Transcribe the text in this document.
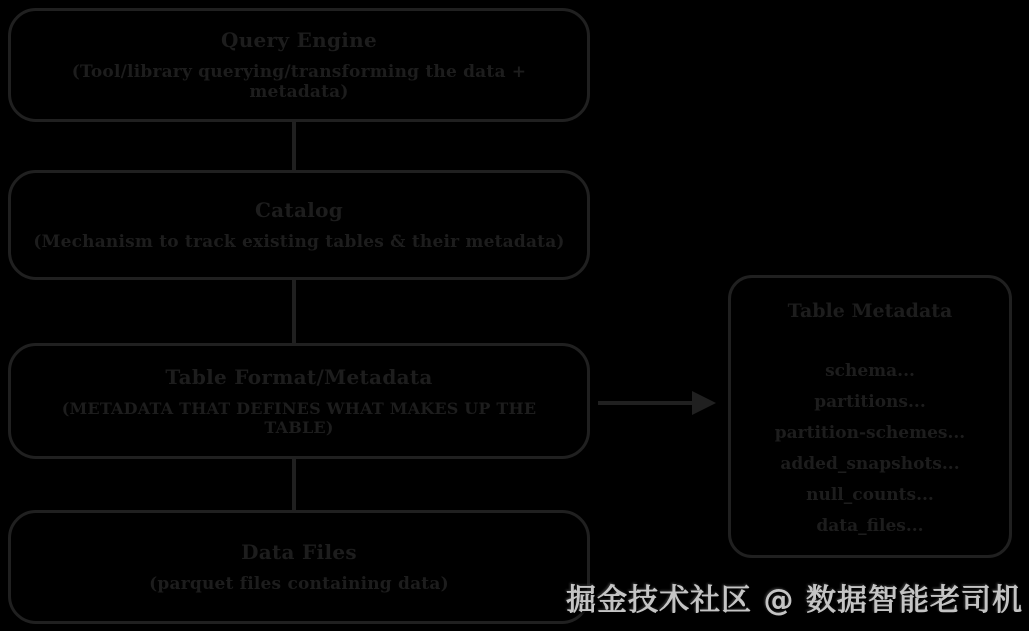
Query Engine
(Tool/library querying/transforming the data + metadata)
Catalog
(Mechanism to track existing tables & their metadata)
Table Format/Metadata
(METADATA THAT DEFINES WHAT MAKES UP THE TABLE)
Data Files
(parquet files containing data)
Table Metadata
schema...
partitions...
partition-schemes...
added_snapshots...
null_counts...
data_files...
掘金技术社区 @ 数据智能老司机
